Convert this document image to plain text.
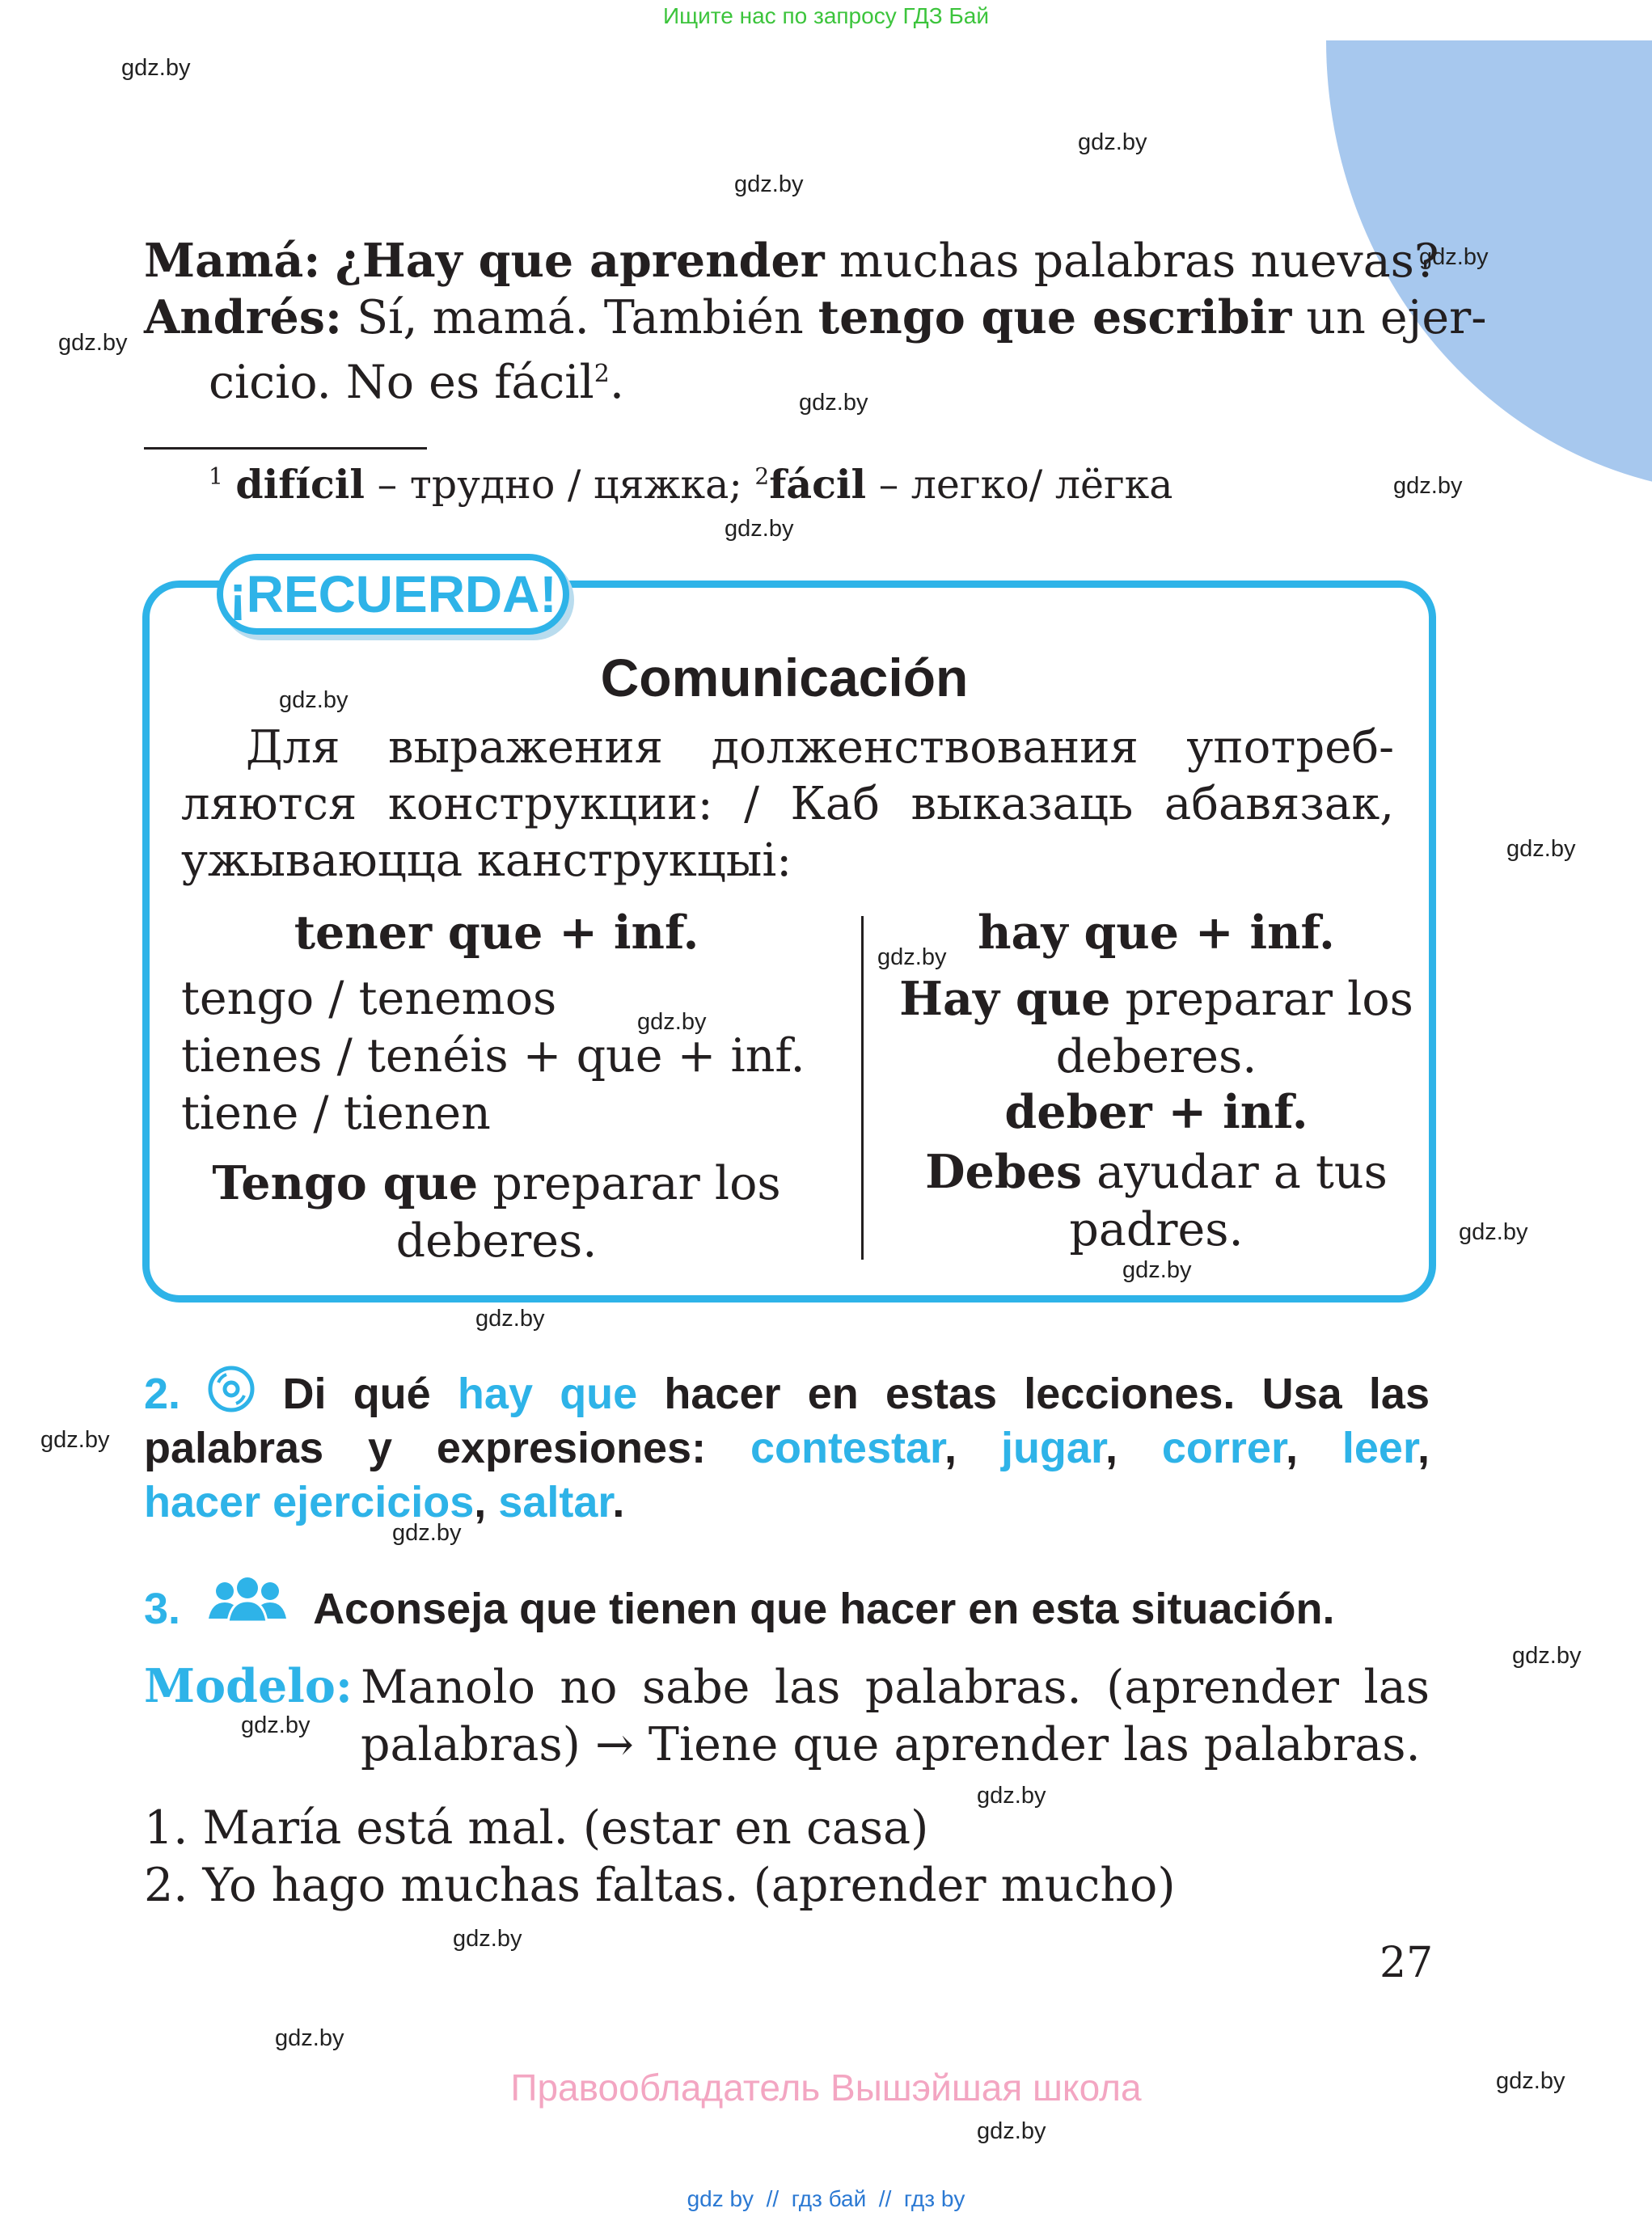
Ищите нас по запросу ГДЗ Бай
gdz.by
gdz.by
gdz.by
gdz.by
gdz.by
gdz.by
gdz.by
gdz.by
gdz.by
gdz.by
gdz.by
gdz.by
gdz.by
gdz.by
gdz.by
gdz.by
gdz.by
gdz.by
gdz.by
gdz.by
gdz.by
gdz.by
gdz.by
gdz.by
Mamá: ¿Hay que aprender muchas palabras nuevas?
Andrés: Sí, mamá. También tengo que escribir un ejer-
cicio. No es fácil$^2$.
$^1$ difícil – трудно / цяжка; $^2$fácil – легко/ лёгка
¡RECUERDA!
Comunicación
Для выражения долженствования употреб-
ляются конструкции: / Каб выказаць абавязак,
ужываюцца канструкцыі:
tener que + inf.
tengo / tenemos
tienes / tenéis + que + inf.
tiene / tienen
Tengo que preparar los
deberes.
hay que + inf.
Hay que preparar los
deberes.
deber + inf.
Debes ayudar a tus
padres.
2.  Di qué hay que hacer en estas lecciones. Usa las
palabras y expresiones: contestar, jugar, correr, leer,
hacer ejercicios, saltar.
3.	Aconseja que tienen que hacer en esta situación.
Modelo: Manolo no sabe las palabras. (aprender las
palabras) → Tiene que aprender las palabras.
1. María está mal. (estar en casa)
2. Yo hago muchas faltas. (aprender mucho)
27
Правообладатель Вышэйшая школа
gdz by  //  гдз бай  //  гдз by
